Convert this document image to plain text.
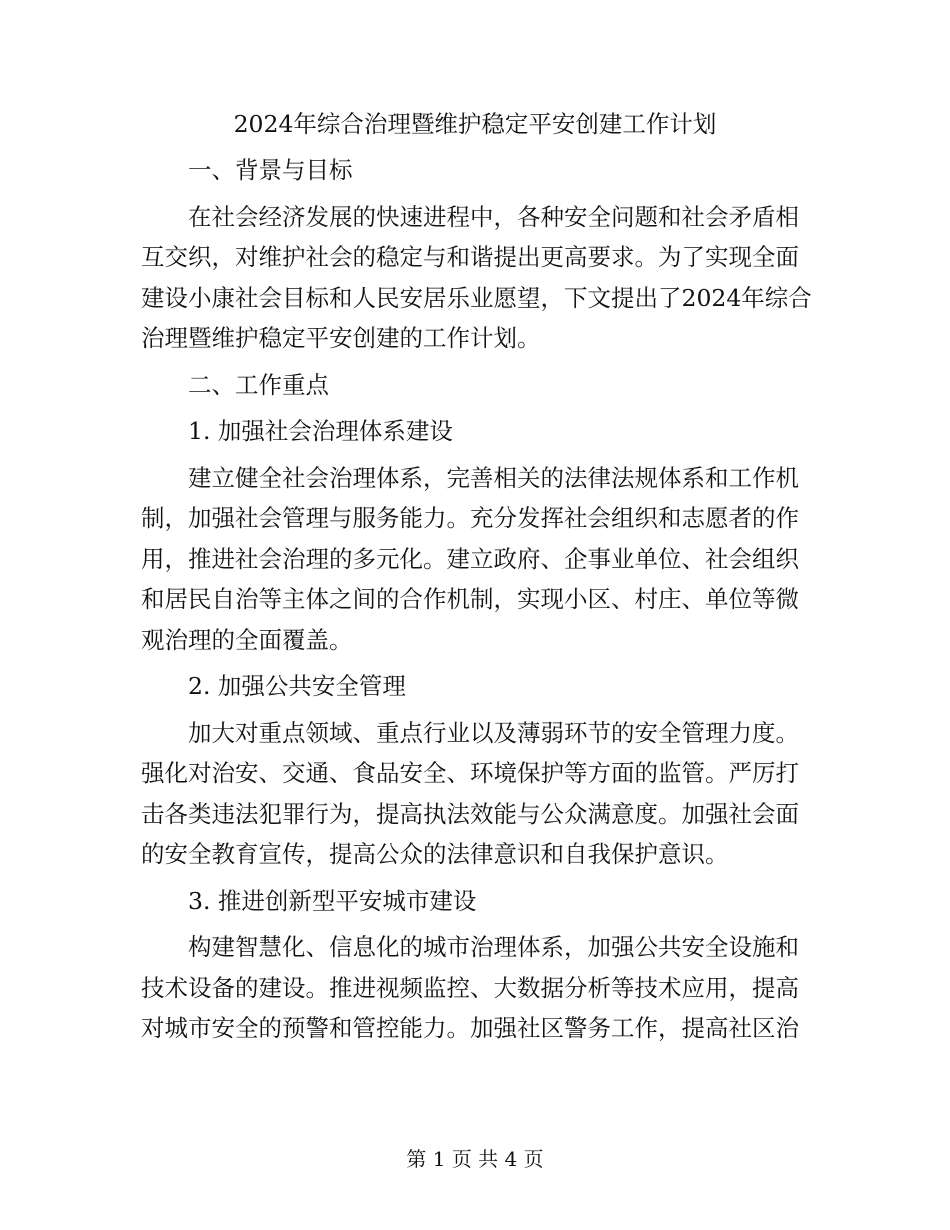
2024年综合治理暨维护稳定平安创建工作计划
一、背景与目标
在社会经济发展的快速进程中，各种安全问题和社会矛盾相
互交织，对维护社会的稳定与和谐提出更高要求。为了实现全面
建设小康社会目标和人民安居乐业愿望，下文提出了2024年综合
治理暨维护稳定平安创建的工作计划。
二、工作重点
1. 加强社会治理体系建设
建立健全社会治理体系，完善相关的法律法规体系和工作机
制，加强社会管理与服务能力。充分发挥社会组织和志愿者的作
用，推进社会治理的多元化。建立政府、企事业单位、社会组织
和居民自治等主体之间的合作机制，实现小区、村庄、单位等微
观治理的全面覆盖。
2. 加强公共安全管理
加大对重点领域、重点行业以及薄弱环节的安全管理力度。
强化对治安、交通、食品安全、环境保护等方面的监管。严厉打
击各类违法犯罪行为，提高执法效能与公众满意度。加强社会面
的安全教育宣传，提高公众的法律意识和自我保护意识。
3. 推进创新型平安城市建设
构建智慧化、信息化的城市治理体系，加强公共安全设施和
技术设备的建设。推进视频监控、大数据分析等技术应用，提高
对城市安全的预警和管控能力。加强社区警务工作，提高社区治
第 1 页 共 4 页
